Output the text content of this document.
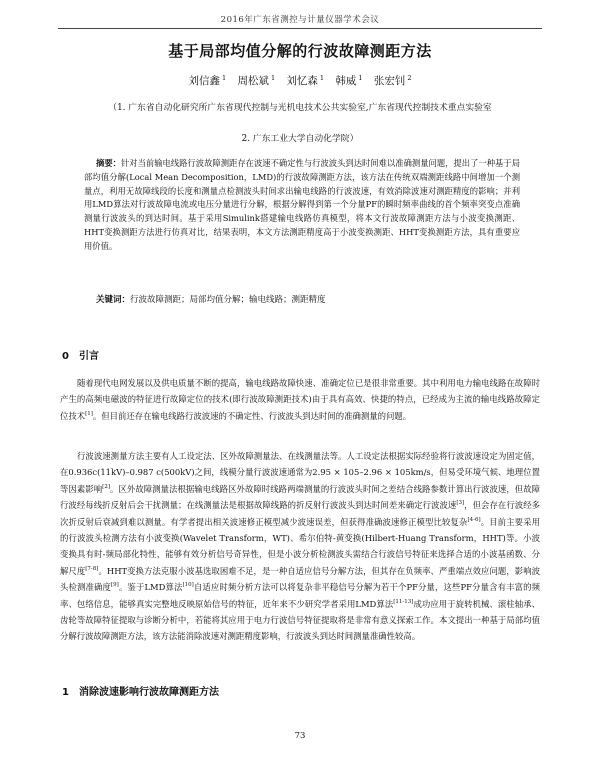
2016年广东省测控与计量仪器学术会议
基于局部均值分解的行波故障测距方法
刘信鑫 $^1$ 周松斌 $^1$ 刘忆森 $^1$ 韩威 $^1$ 张宏钊 $^2$
（1. 广东省自动化研究所广东省现代控制与光机电技术公共实验室,广东省现代控制技术重点实验室
2. 广东工业大学自动化学院）
摘要：针对当前输电线路行波故障测距存在波速不确定性与行波波头到达时间难以准确测量问题，提出了一种基于局部均值分解(Local Mean Decomposition，LMD)的行波故障测距方法，该方法在传统双端测距线路中间增加一个测量点，利用无故障线段的长度和测量点检测波头时间求出输电线路的行波波速，有效消除波速对测距精度的影响；并利用LMD算法对行波故障电流或电压分量进行分解，根据分解得到第一个分量PF的瞬时频率曲线的首个频率突变点准确测量行波波头的到达时间。基于采用Simulink搭建输电线路仿真模型，将本文行波故障测距方法与小波变换测距、HHT变换测距方法进行仿真对比，结果表明，本文方法测距精度高于小波变换测距、HHT变换测距方法，具有重要应用价值。
关键词：行波故障测距；局部均值分解；输电线路；测距精度
0 引言
随着现代电网发展以及供电质量不断的提高，输电线路故障快速、准确定位已是很非常重要。其中利用电力输电线路在故障时产生的高频电磁波的特征进行故障定位的技术(即行波故障测距技术)由于具有高效、快捷的特点，已经成为主流的输电线路故障定位技术[1]。但目前还存在输电线路行波波速的不确定性、行波波头到达时间的准确测量的问题。
行波波速测量方法主要有人工设定法、区外故障测量法、在线测量法等。人工设定法根据实际经验将行波波速设定为固定值，在0.936c(11kV)–0.987 c(500kV)之间，线模分量行波波速通常为2.95 × 105–2.96 × 105km/s，但易受环境气候、地理位置等因素影响[2]。区外故障测量法根据输电线路区外故障时线路两端测量的行波波头时间之差结合线路参数计算出行波波速，但故障行波经每线折反射后会干扰测量；在线测量法是根据故障线路的折反射行波波头到达时间差来确定行波波速[3]，但会存在行波经多次折反射后衰减到难以测量。有学者提出相关波速修正模型减少波速误差，但获得准确波速修正模型比较复杂[4-6]。目前主要采用的行波波头检测方法有小波变换(Wavelet Transform，WT)、希尔伯特-黄变换(Hilbert-Huang Transform，HHT)等。小波变换具有时-频局部化特性，能够有效分析信号奇异性，但是小波分析检测波头需结合行波信号特征来选择合适的小波基函数、分解尺度[7-8]。HHT变换方法克服小波基选取困难不足，是一种自适应信号分解方法，但其存在负频率、严重端点效应问题，影响波头检测准确度[9]。鉴于LMD算法[10]自适应时频分析方法可以将复杂非平稳信号分解为若干个PF分量，这些PF分量含有丰富的频率、包络信息，能够真实完整地反映原始信号的特征，近年来不少研究学者采用LMD算法[11-13]成功应用于旋转机械、滚柱轴承、齿轮等故障特征提取与诊断分析中，若能将其应用于电力行波信号特征提取将是非常有意义探索工作。本文提出一种基于局部均值分解行波故障测距方法，该方法能消除波速对测距精度影响，行波波头到达时间测量准确性较高。
1 消除波速影响行波故障测距方法
73
